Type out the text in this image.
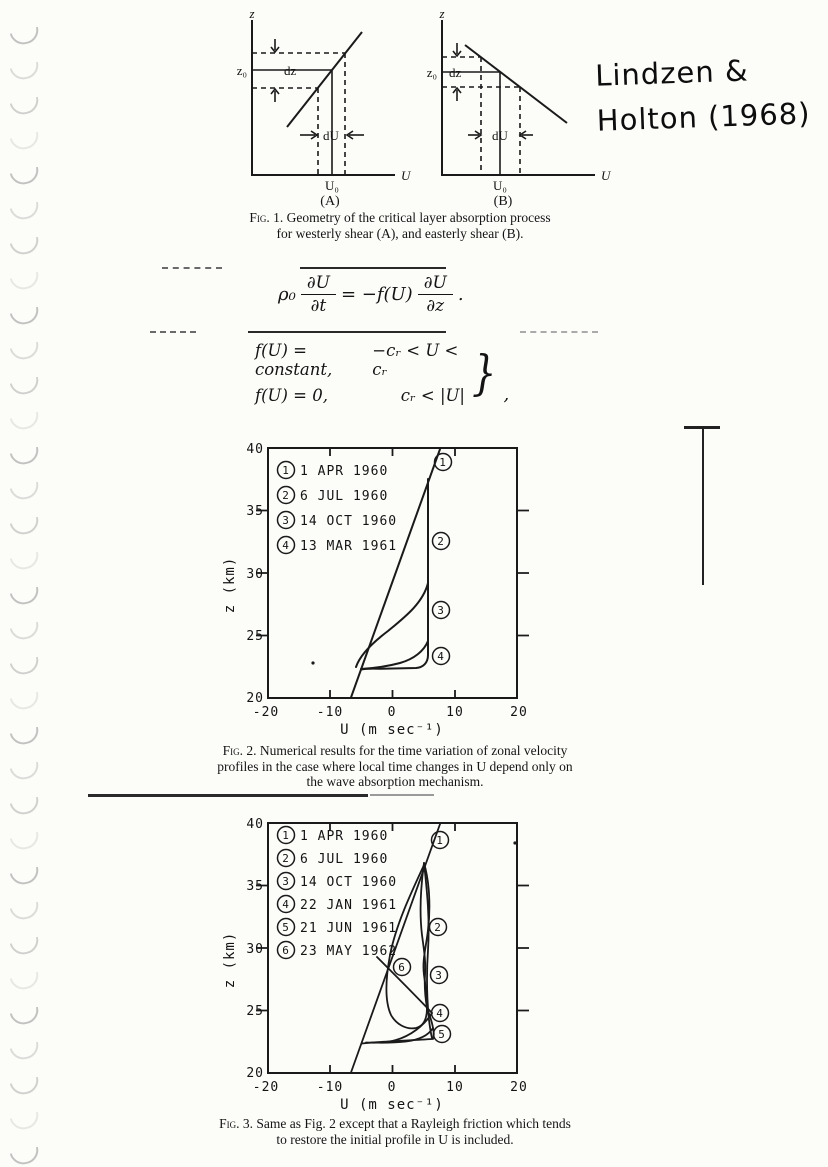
Lindzen &
Holton (1968)
z
U
z₀	dz
dU
U₀
(A)
z
U
z₀ dz
dU
U₀
(B)
Fig. 1. Geometry of the critical layer absorption process
for westerly shear (A), and easterly shear (B).
$\rho_0 \frac{\partial U}{\partial t} = -f(U) \frac{\partial U}{\partial z}$ .
f(U) = constant,
−cᵣ < U < cᵣ
f(U) = 0,	cᵣ < |U| } ,
1 1 APR 1960
2 6 JUL 1960
3 14 OCT 1960
4 13 MAR 1961
1
2
3
4
40
35
30
25
20
-20	-10	0	10	20
U (m sec⁻¹)
z (km)
Fig. 2. Numerical results for the time variation of zonal velocity
profiles in the case where local time changes in U depend only on
the wave absorption mechanism.
1 1 APR 1960
2 6 JUL 1960
3 14 OCT 1960
4 22 JAN 1961
5 21 JUN 1961
6 23 MAY 1962
1
2
3
4
5
6
40
35
30
25
20
-20	-10	0	10	20
U (m sec⁻¹)
z (km)
Fig. 3. Same as Fig. 2 except that a Rayleigh friction which tends
to restore the initial profile in U is included.
